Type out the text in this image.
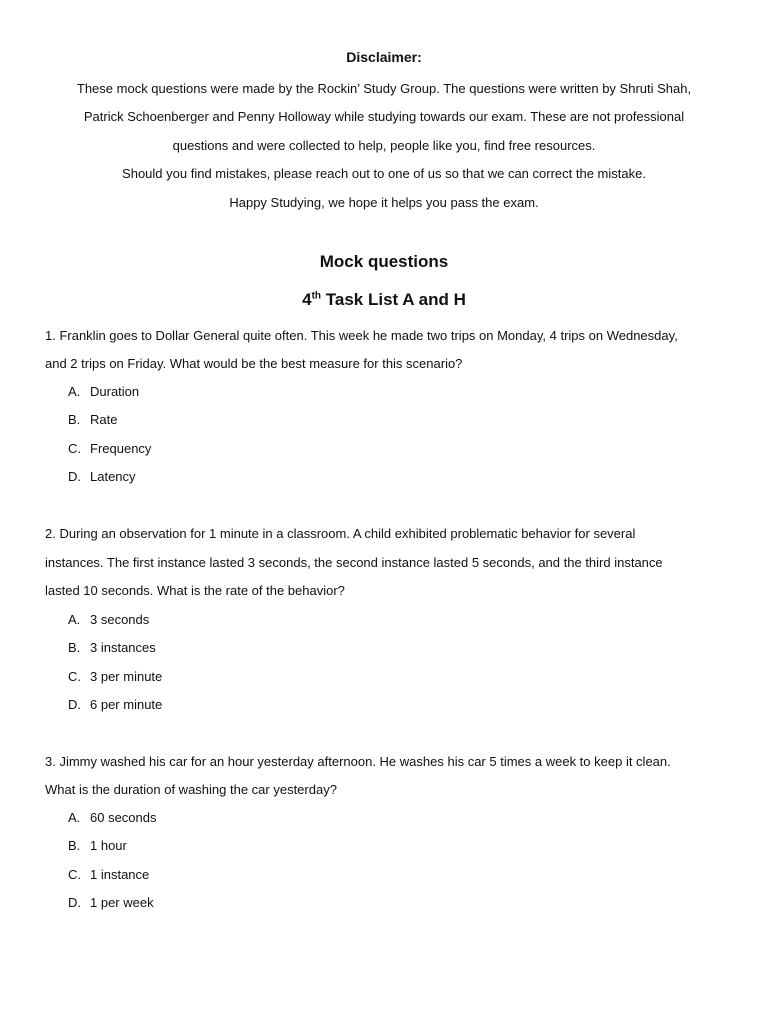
Disclaimer:
These mock questions were made by the Rockin’ Study Group. The questions were written by Shruti Shah,
Patrick Schoenberger and Penny Holloway while studying towards our exam. These are not professional
questions and were collected to help, people like you, find free resources.
Should you find mistakes, please reach out to one of us so that we can correct the mistake.
Happy Studying, we hope it helps you pass the exam.
Mock questions
4th Task List A and H
1. Franklin goes to Dollar General quite often. This week he made two trips on Monday, 4 trips on Wednesday,
and 2 trips on Friday. What would be the best measure for this scenario?
A. Duration
B. Rate
C. Frequency
D. Latency
2. During an observation for 1 minute in a classroom. A child exhibited problematic behavior for several
instances. The first instance lasted 3 seconds, the second instance lasted 5 seconds, and the third instance
lasted 10 seconds. What is the rate of the behavior?
A. 3 seconds
B. 3 instances
C. 3 per minute
D. 6 per minute
3. Jimmy washed his car for an hour yesterday afternoon. He washes his car 5 times a week to keep it clean.
What is the duration of washing the car yesterday?
A. 60 seconds
B. 1 hour
C. 1 instance
D. 1 per week
